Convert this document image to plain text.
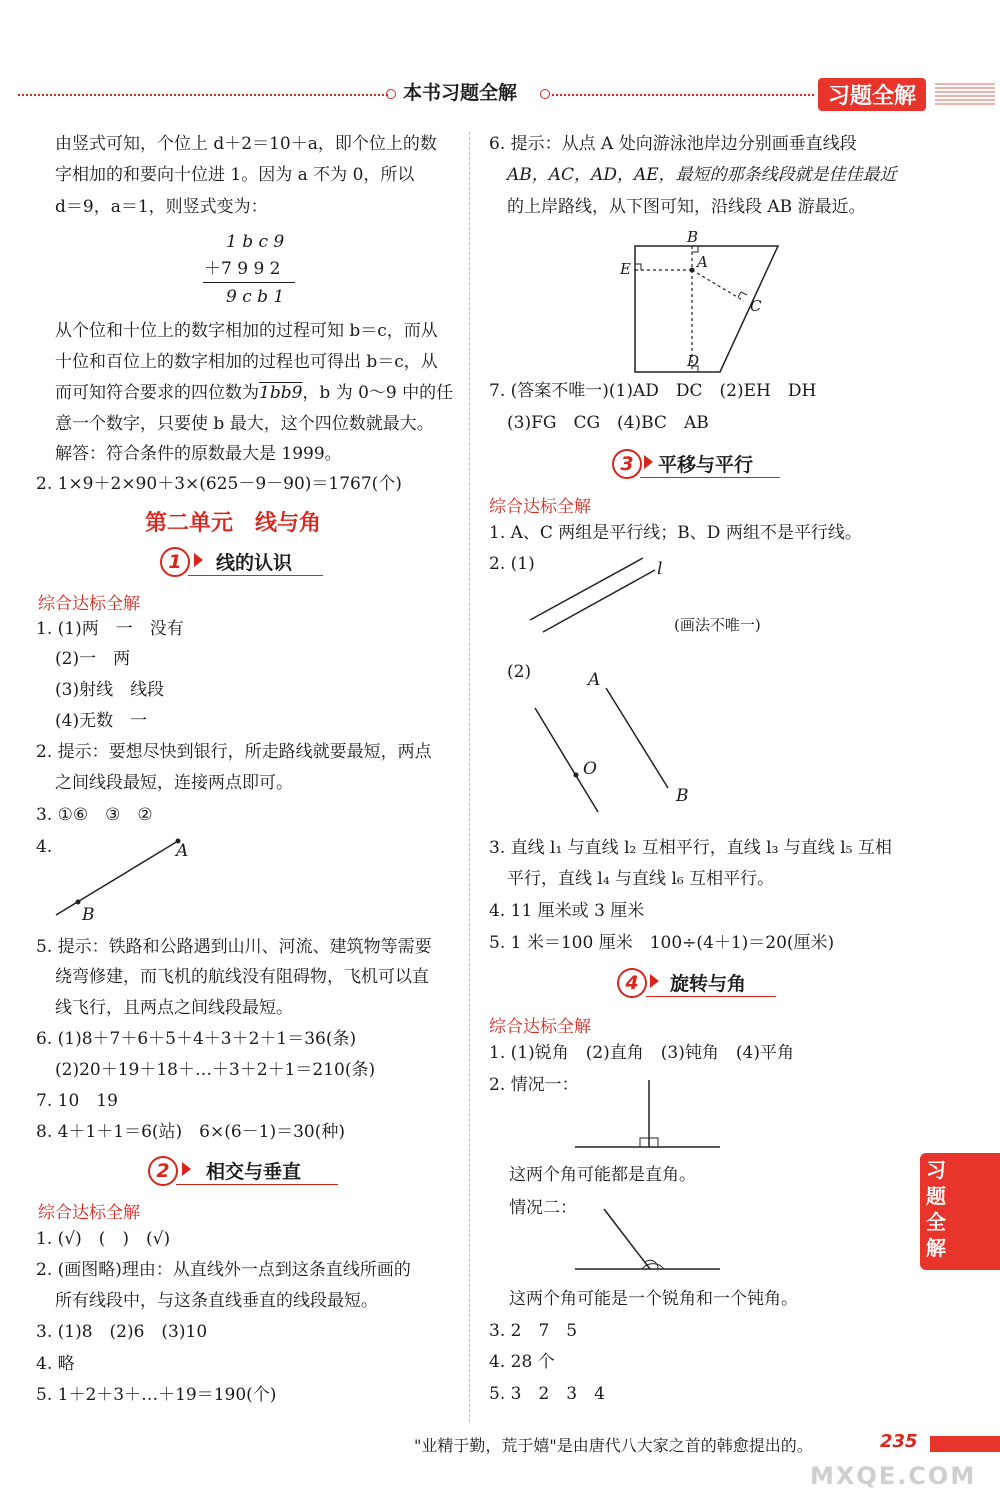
本书习题全解	习题全解
由竖式可知，个位上 d＋2＝10＋a，即个位上的数
字相加的和要向十位进 1。因为 a 不为 0，所以
d＝9，a＝1，则竖式变为：
1 b c 9
＋7 9 9 2
9 c b 1
从个位和十位上的数字相加的过程可知 b＝c，而从
十位和百位上的数字相加的过程也可得出 b＝c，从
而可知符合要求的四位数为1bb9，b 为 0～9 中的任
意一个数字，只要使 b 最大，这个四位数就最大。
解答：符合条件的原数最大是 1999。
2. 1×9＋2×90＋3×(625－9－90)＝1767(个)
第二单元　线与角
1	线的认识
综合达标全解
1. (1)两　一　没有
(2)一　两
(3)射线　线段
(4)无数　一
2. 提示：要想尽快到银行，所走路线就要最短，两点
之间线段最短，连接两点即可。
3. ①⑥　③　②
4.	A
B
5. 提示：铁路和公路遇到山川、河流、建筑物等需要
绕弯修建，而飞机的航线没有阻碍物，飞机可以直
线飞行，且两点之间线段最短。
6. (1)8＋7＋6＋5＋4＋3＋2＋1＝36(条)
(2)20＋19＋18＋…＋3＋2＋1＝210(条)
7. 10　19
8. 4＋1＋1＝6(站)　6×(6－1)＝30(种)
2	相交与垂直
综合达标全解
1. (√)　(　)　(√)
2. (画图略)理由：从直线外一点到这条直线所画的
所有线段中，与这条直线垂直的线段最短。
3. (1)8　(2)6　(3)10
4. 略
5. 1＋2＋3＋…＋19＝190(个)
6. 提示：从点 A 处向游泳池岸边分别画垂直线段
AB，AC，AD，AE，最短的那条线段就是佳佳最近
的上岸路线，从下图可知，沿线段 AB 游最近。
B
A
E
C
D
7. (答案不唯一)(1)AD　DC　(2)EH　DH
(3)FG　CG　(4)BC　AB
3	平移与平行
综合达标全解
1. A、C 两组是平行线；B、D 两组不是平行线。
2. (1)	l
(画法不唯一)
(2)	A
O
B
3. 直线 l₁ 与直线 l₂ 互相平行，直线 l₃ 与直线 l₅ 互相
平行，直线 l₄ 与直线 l₆ 互相平行。
4. 11 厘米或 3 厘米
5. 1 米＝100 厘米　100÷(4＋1)＝20(厘米)
4	旋转与角
综合达标全解
1. (1)锐角　(2)直角　(3)钝角　(4)平角
2. 情况一：
这两个角可能都是直角。
情况二：
这两个角可能是一个锐角和一个钝角。
3. 2　7　5
4. 28 个
5. 3　2　3　4
习
题
全
解
"业精于勤，荒于嬉"是由唐代八大家之首的韩愈提出的。	235
MXQE.COM
